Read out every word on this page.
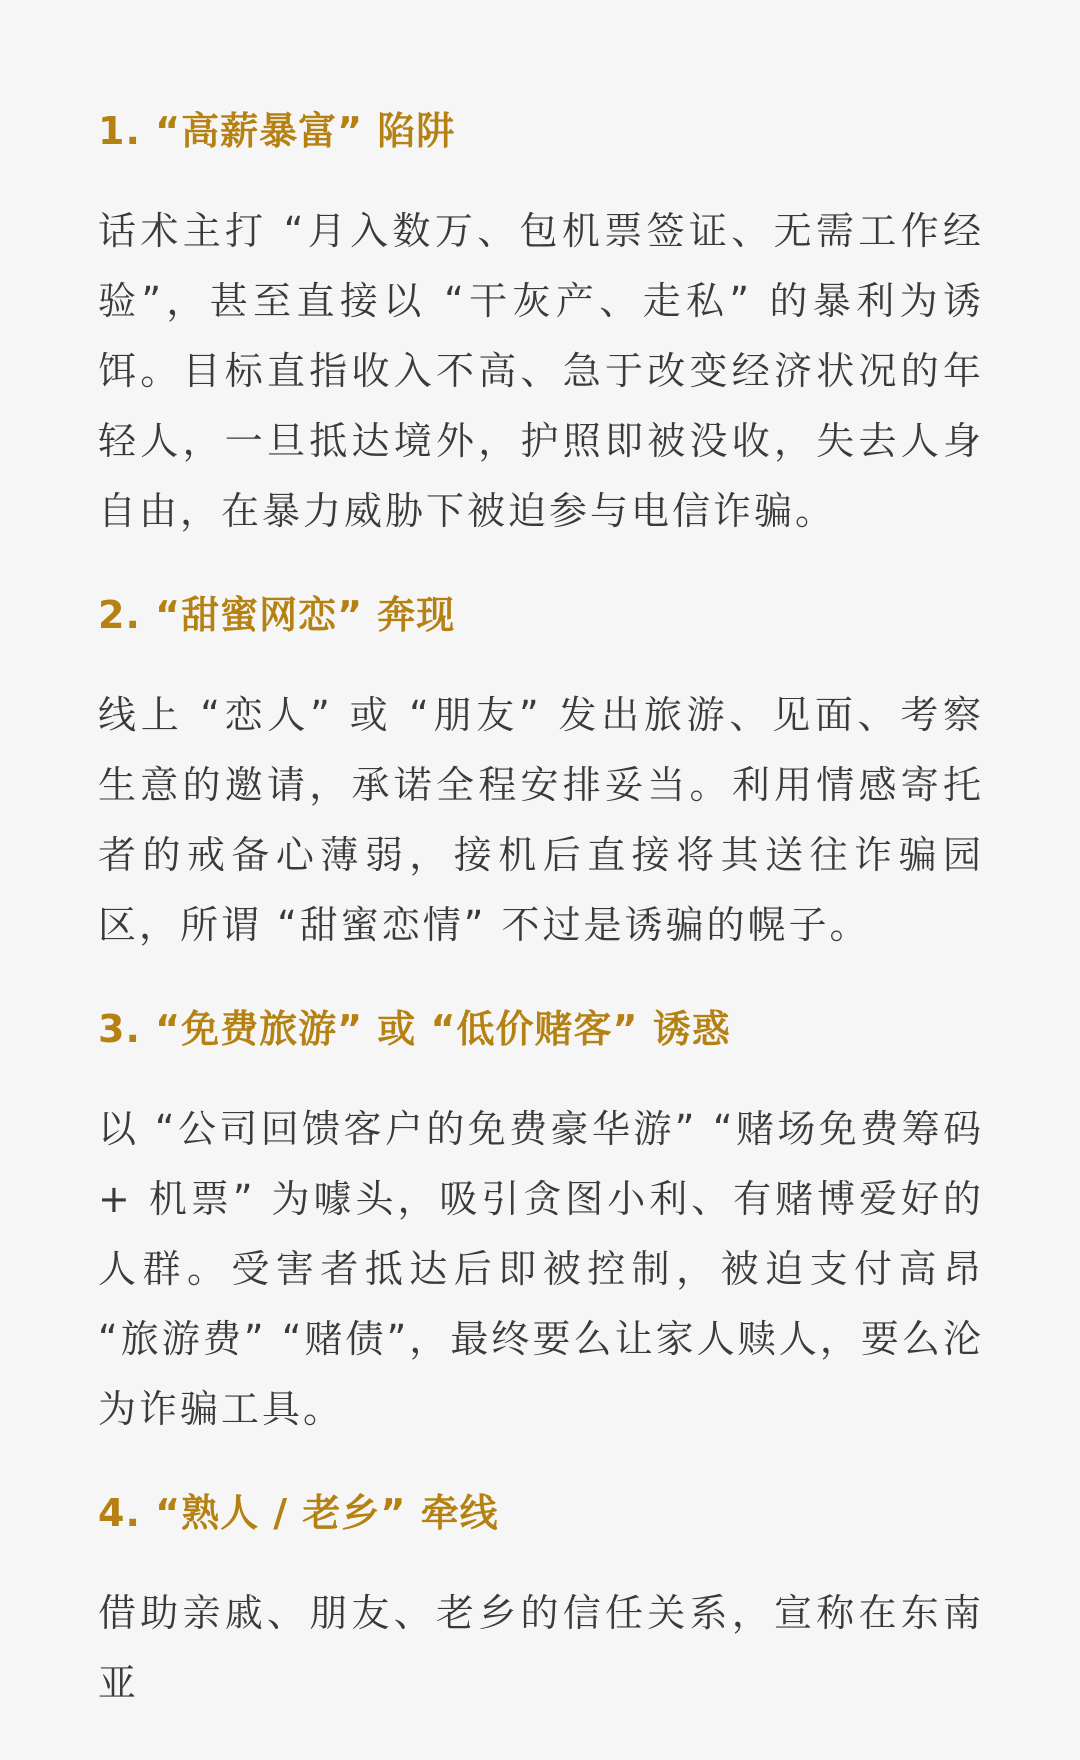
1. “高薪暴富” 陷阱

话术主打 “月入数万、包机票签证、无需工作经验”，甚至直接以 “干灰产、走私” 的暴利为诱饵。目标直指收入不高、急于改变经济状况的年轻人，一旦抵达境外，护照即被没收，失去人身自由，在暴力威胁下被迫参与电信诈骗。

2. “甜蜜网恋” 奔现

线上 “恋人” 或 “朋友” 发出旅游、见面、考察生意的邀请，承诺全程安排妥当。利用情感寄托者的戒备心薄弱，接机后直接将其送往诈骗园区，所谓 “甜蜜恋情” 不过是诱骗的幌子。

3. “免费旅游” 或 “低价赌客” 诱惑

以 “公司回馈客户的免费豪华游” “赌场免费筹码 + 机票” 为噱头，吸引贪图小利、有赌博爱好的人群。受害者抵达后即被控制，被迫支付高昂 “旅游费” “赌债”，最终要么让家人赎人，要么沦为诈骗工具。

4. “熟人 / 老乡” 牵线

借助亲戚、朋友、老乡的信任关系，宣称在东南亚
